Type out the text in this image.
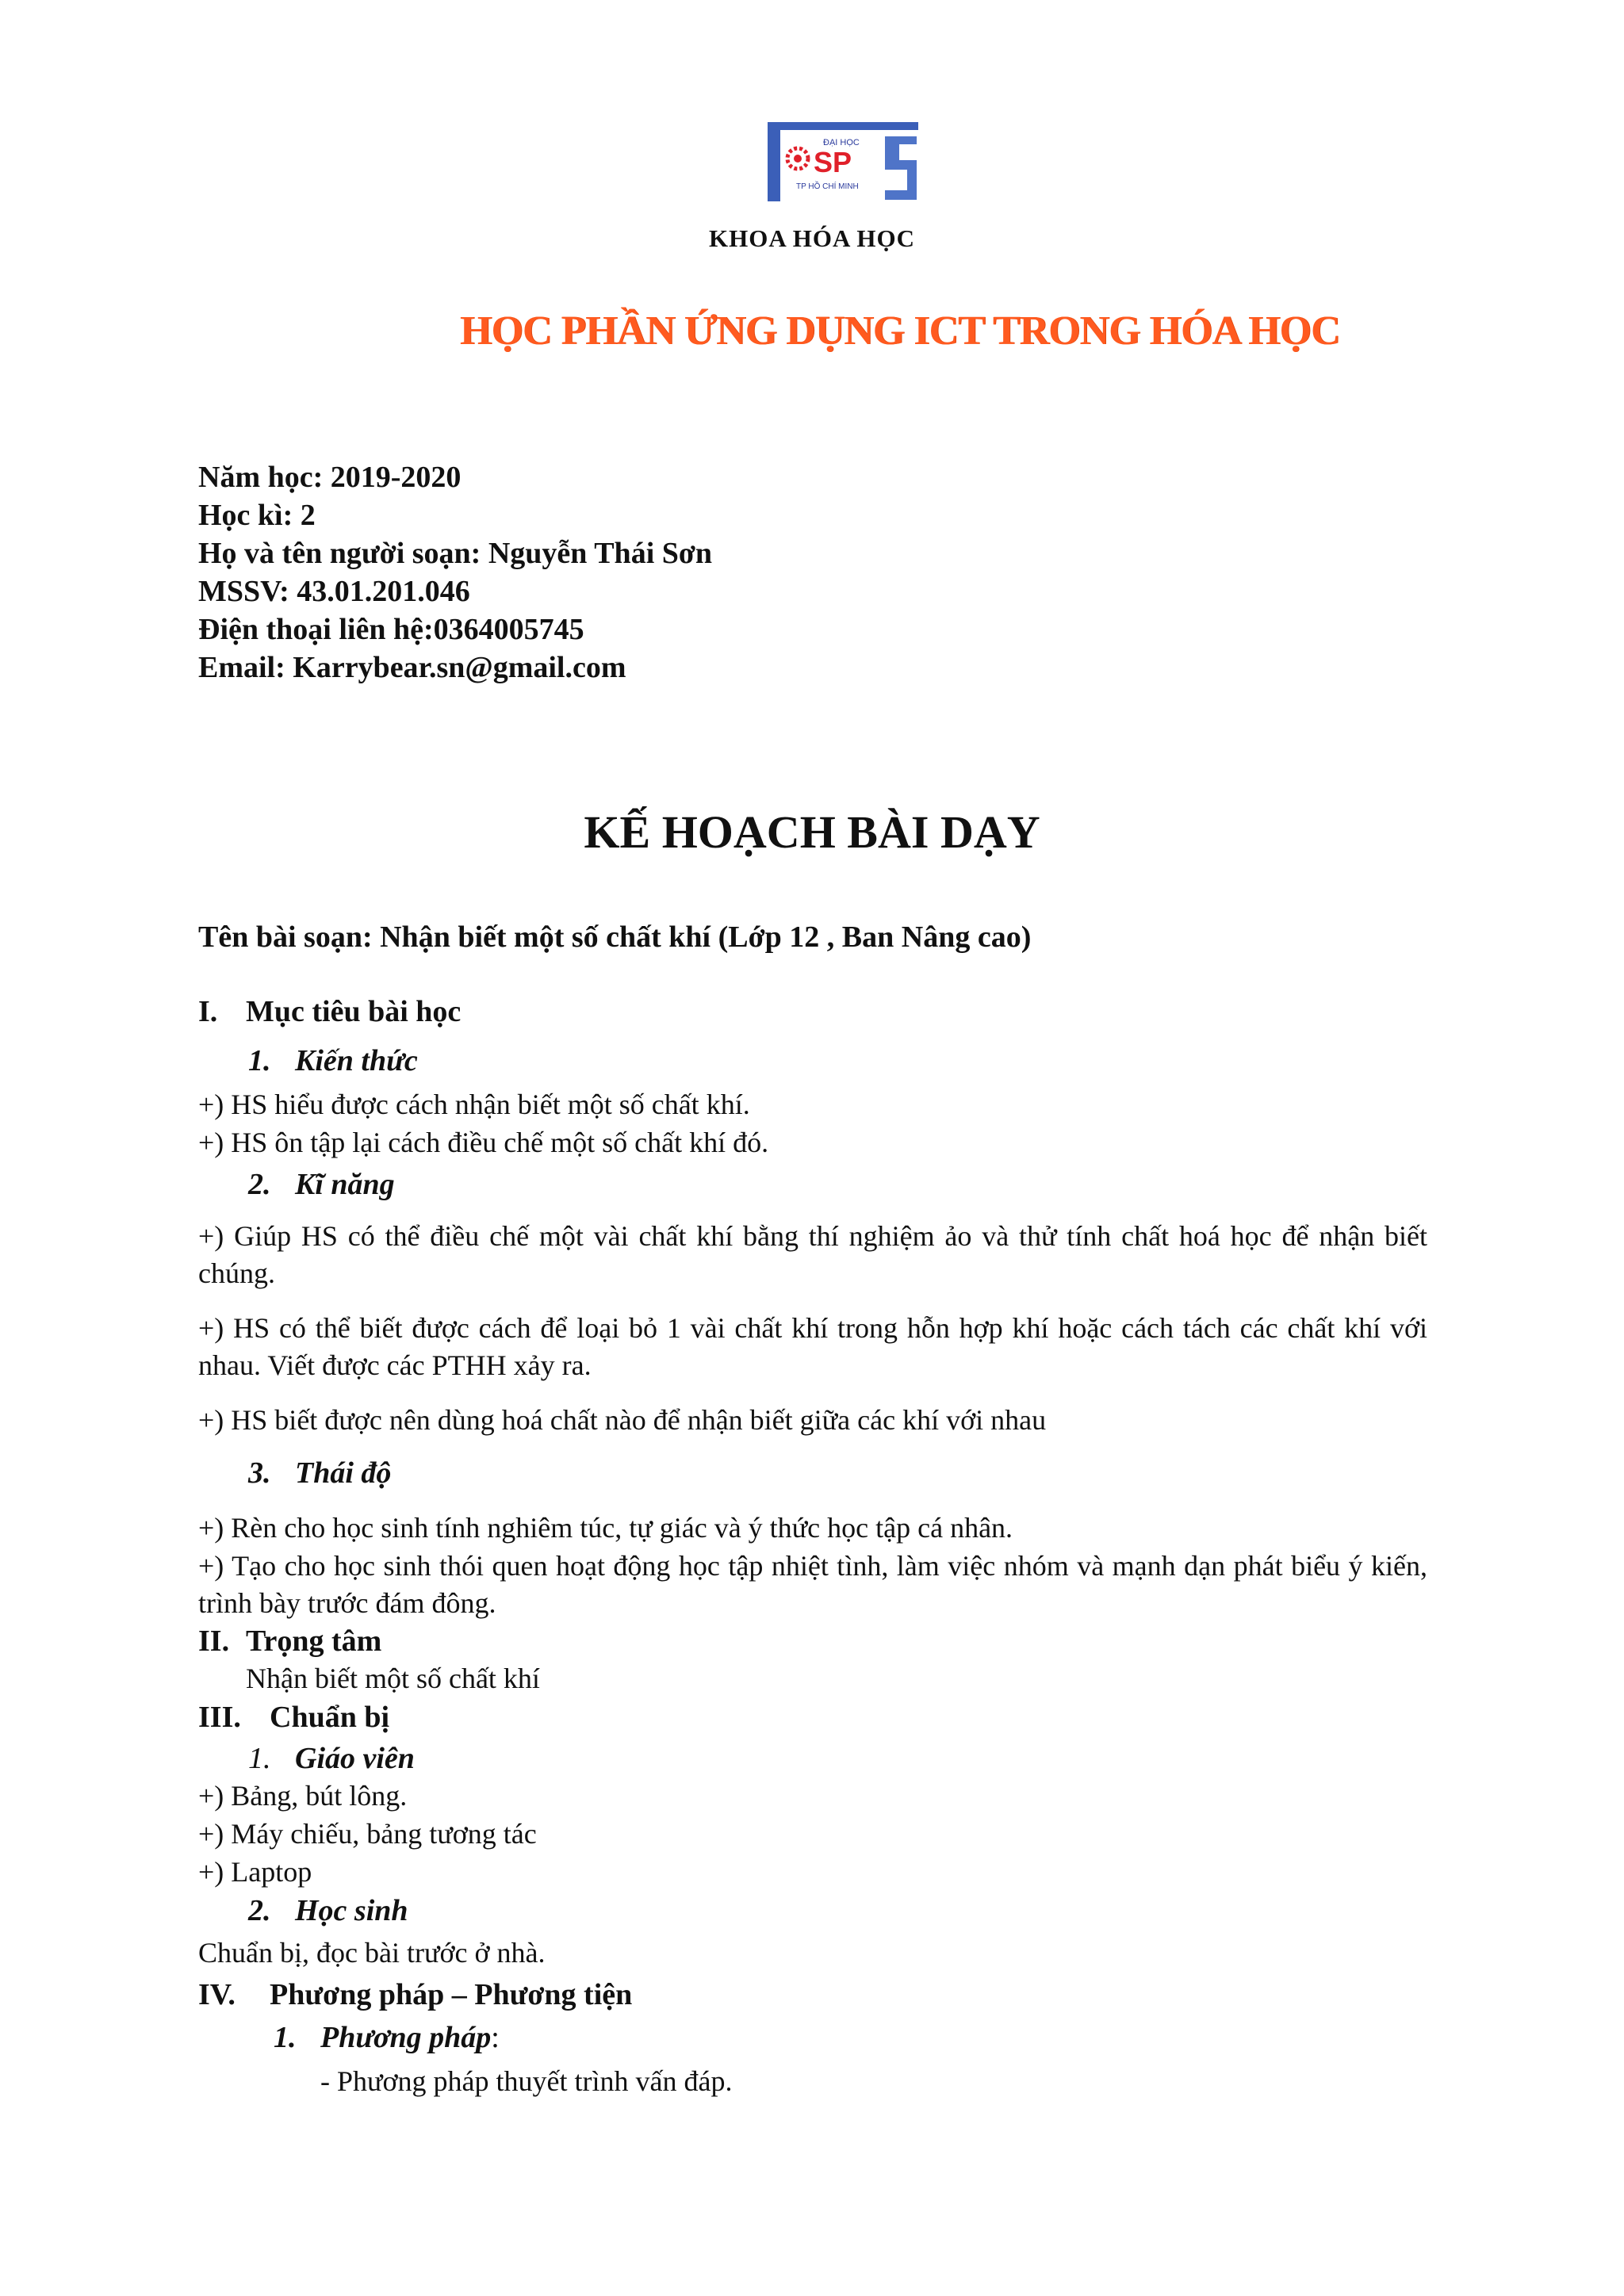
ĐẠI HỌC
SP
TP HỒ CHÍ MINH
KHOA HÓA HỌC
HỌC PHẦN ỨNG DỤNG ICT TRONG HÓA HỌC
Năm học: 2019-2020
Học kì: 2
Họ và tên người soạn: Nguyễn Thái Sơn
MSSV: 43.01.201.046
Điện thoại liên hệ:0364005745
Email: Karrybear.sn@gmail.com
KẾ HOẠCH BÀI DẠY
Tên bài soạn: Nhận biết một số chất khí (Lớp 12 , Ban Nâng cao)
I. Mục tiêu bài học
1. Kiến thức
+) HS hiểu được cách nhận biết một số chất khí.
+) HS ôn tập lại cách điều chế một số chất khí đó.
2. Kĩ năng
+) Giúp HS có thể điều chế một vài chất khí bằng thí nghiệm ảo và thử tính chất hoá học để nhận biết chúng.
+) HS có thể biết được cách để loại bỏ 1 vài chất khí trong hỗn hợp khí hoặc cách tách các chất khí với nhau. Viết được các PTHH xảy ra.
+) HS biết được nên dùng hoá chất nào để nhận biết giữa các khí với nhau
3. Thái độ
+) Rèn cho học sinh tính nghiêm túc, tự giác và ý thức học tập cá nhân.
+) Tạo cho học sinh thói quen hoạt động học tập nhiệt tình, làm việc nhóm và mạnh dạn phát biểu ý kiến, trình bày trước đám đông.
II. Trọng tâm
Nhận biết một số chất khí
III. Chuẩn bị
1. Giáo viên
+) Bảng, bút lông.
+) Máy chiếu, bảng tương tác
+) Laptop
2. Học sinh
Chuẩn bị, đọc bài trước ở nhà.
IV. Phương pháp – Phương tiện
1. Phương pháp:
- Phương pháp thuyết trình vấn đáp.
